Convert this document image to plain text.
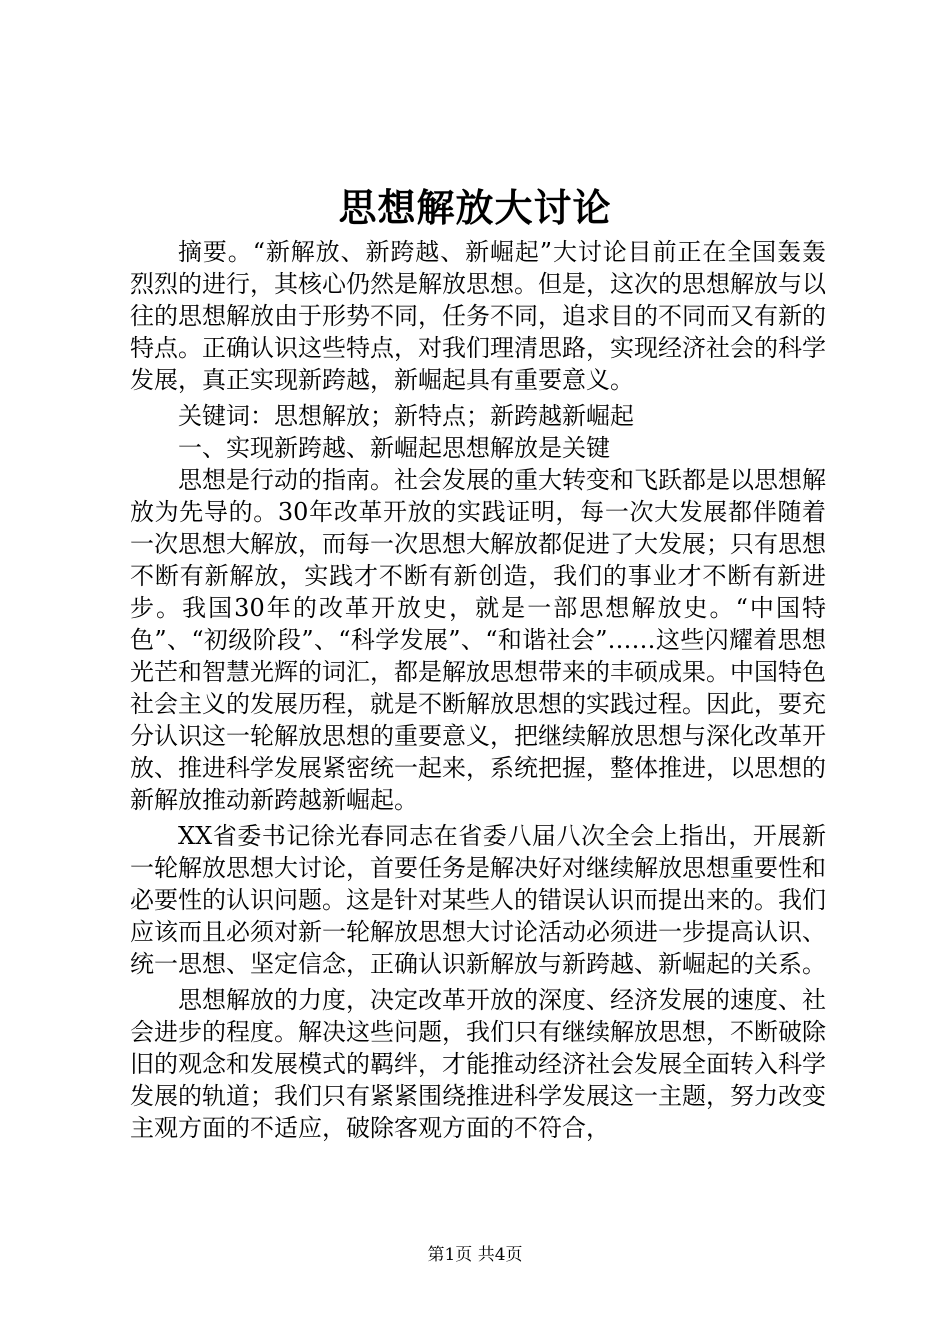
思想解放大讨论

摘要。“新解放、新跨越、新崛起”大讨论目前正在全国轰轰烈烈的进行，其核心仍然是解放思想。但是，这次的思想解放与以往的思想解放由于形势不同，任务不同，追求目的不同而又有新的特点。正确认识这些特点，对我们理清思路，实现经济社会的科学发展，真正实现新跨越，新崛起具有重要意义。

关键词：思想解放；新特点；新跨越新崛起

一、实现新跨越、新崛起思想解放是关键

思想是行动的指南。社会发展的重大转变和飞跃都是以思想解放为先导的。30年改革开放的实践证明，每一次大发展都伴随着一次思想大解放，而每一次思想大解放都促进了大发展；只有思想不断有新解放，实践才不断有新创造，我们的事业才不断有新进步。我国30年的改革开放史，就是一部思想解放史。“中国特色”、“初级阶段”、“科学发展”、“和谐社会”……这些闪耀着思想光芒和智慧光辉的词汇，都是解放思想带来的丰硕成果。中国特色社会主义的发展历程，就是不断解放思想的实践过程。因此，要充分认识这一轮解放思想的重要意义，把继续解放思想与深化改革开放、推进科学发展紧密统一起来，系统把握，整体推进，以思想的新解放推动新跨越新崛起。

XX省委书记徐光春同志在省委八届八次全会上指出，开展新一轮解放思想大讨论，首要任务是解决好对继续解放思想重要性和必要性的认识问题。这是针对某些人的错误认识而提出来的。我们应该而且必须对新一轮解放思想大讨论活动必须进一步提高认识、统一思想、坚定信念，正确认识新解放与新跨越、新崛起的关系。

思想解放的力度，决定改革开放的深度、经济发展的速度、社会进步的程度。解决这些问题，我们只有继续解放思想，不断破除旧的观念和发展模式的羁绊，才能推动经济社会发展全面转入科学发展的轨道；我们只有紧紧围绕推进科学发展这一主题，努力改变主观方面的不适应，破除客观方面的不符合，

第1页 共4页
